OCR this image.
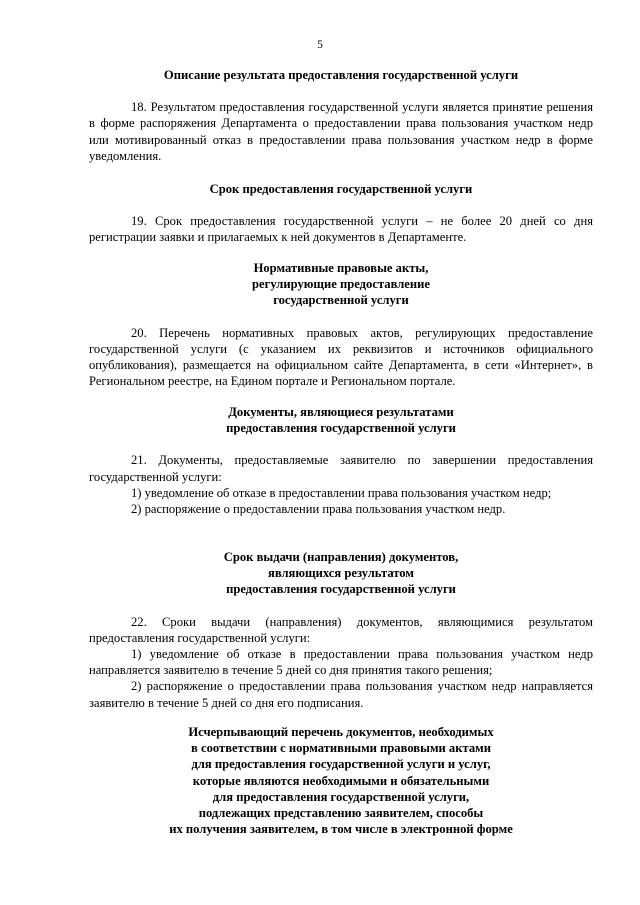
5
Описание результата предоставления государственной услуги

18. Результатом предоставления государственной услуги является принятие решения в форме распоряжения Департамента о предоставлении права пользования участком недр или мотивированный отказ в предоставлении права пользования участком недр в форме уведомления.

Срок предоставления государственной услуги

19. Срок предоставления государственной услуги – не более 20 дней со дня регистрации заявки и прилагаемых к ней документов в Департаменте.

Нормативные правовые акты,
регулирующие предоставление
государственной услуги

20. Перечень нормативных правовых актов, регулирующих предоставление государственной услуги (с указанием их реквизитов и источников официального опубликования), размещается на официальном сайте Департамента, в сети «Интернет», в Региональном реестре, на Едином портале и Региональном портале.

Документы, являющиеся результатами
предоставления государственной услуги

21. Документы, предоставляемые заявителю по завершении предоставления государственной услуги:

1) уведомление об отказе в предоставлении права пользования участком недр;

2) распоряжение о предоставлении права пользования участком недр.

Срок выдачи (направления) документов,
являющихся результатом
предоставления государственной услуги

22. Сроки выдачи (направления) документов, являющимися результатом предоставления государственной услуги:

1) уведомление об отказе в предоставлении права пользования участком недр направляется заявителю в течение 5 дней со дня принятия такого решения;

2) распоряжение о предоставлении права пользования участком недр направляется заявителю в течение 5 дней со дня его подписания.

Исчерпывающий перечень документов, необходимых
в соответствии с нормативными правовыми актами
для предоставления государственной услуги и услуг,
которые являются необходимыми и обязательными
для предоставления государственной услуги,
подлежащих представлению заявителем, способы
их получения заявителем, в том числе в электронной форме
